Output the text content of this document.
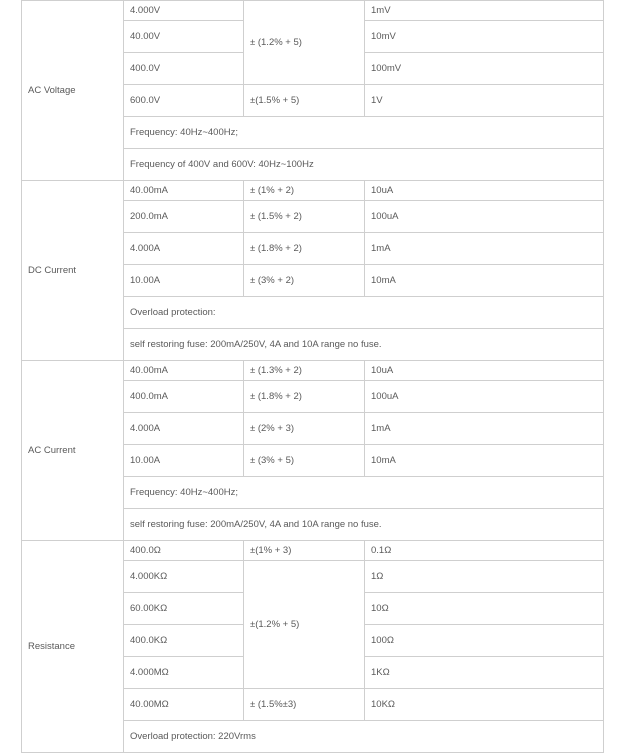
AC Voltage	4.000V	± (1.2% + 5)	1mV
	40.00V		10mV
	400.0V		100mV
	600.0V	±(1.5% + 5)	1V
	Frequency: 40Hz~400Hz;		
	Frequency of 400V and 600V: 40Hz~100Hz		
DC Current	40.00mA	± (1% + 2)	10uA
	200.0mA	± (1.5% + 2)	100uA
	4.000A	± (1.8% + 2)	1mA
	10.00A	± (3% + 2)	10mA
	Overload protection:		
	self restoring fuse: 200mA/250V, 4A and 10A range no fuse.		
AC Current	40.00mA	± (1.3% + 2)	10uA
	400.0mA	± (1.8% + 2)	100uA
	4.000A	± (2% + 3)	1mA
	10.00A	± (3% + 5)	10mA
	Frequency: 40Hz~400Hz;		
	self restoring fuse: 200mA/250V, 4A and 10A range no fuse.		
Resistance	400.0Ω	±(1% + 3)	0.1Ω
	4.000KΩ	±(1.2% + 5)	1Ω
	60.00KΩ		10Ω
	400.0KΩ		100Ω
	4.000MΩ		1KΩ
	40.00MΩ	± (1.5%±3)	10KΩ
	Overload protection: 220Vrms		
